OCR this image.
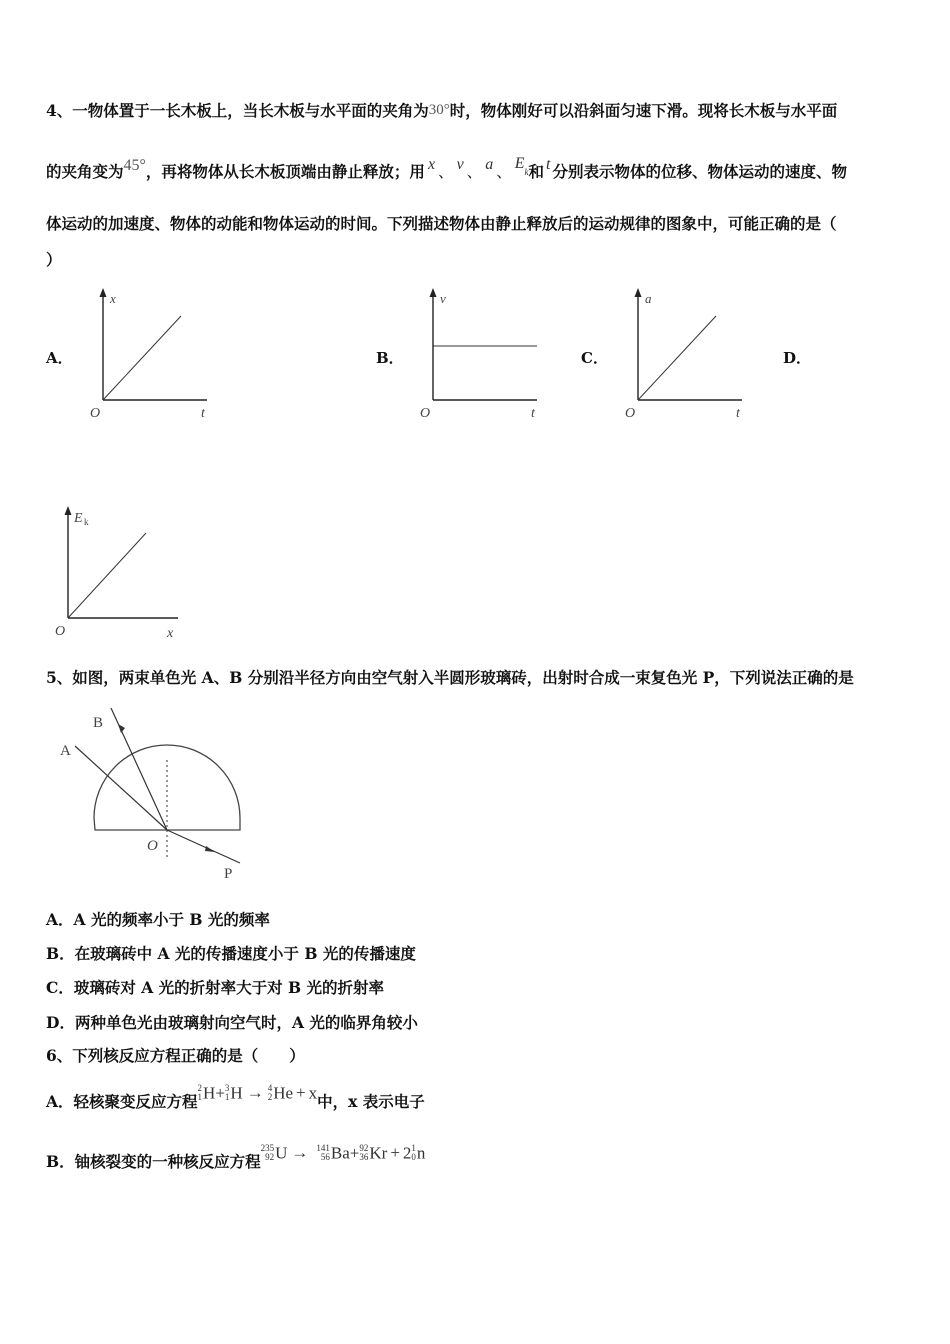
4、一物体置于一长木板上，当长木板与水平面的夹角为30°时，物体刚好可以沿斜面匀速下滑。现将长木板与水平面
的夹角变为45°，再将物体从长木板顶端由静止释放；用 x 、 v 、 a 、 Ek和 t 分别表示物体的位移、物体运动的速度、物
体运动的加速度、物体的动能和物体运动的时间。下列描述物体由静止释放后的运动规律的图象中，可能正确的是（
）
A．	B．	C．	D．
x
O	t
v
O	t
a
O	t
E k
O	x
5、如图，两束单色光 A、B 分别沿半径方向由空气射入半圆形玻璃砖，出射时合成一束复色光 P，下列说法正确的是
B
A
O
P
A．A 光的频率小于 B 光的频率
B．在玻璃砖中 A 光的传播速度小于 B 光的传播速度
C．玻璃砖对 A 光的折射率大于对 B 光的折射率
D．两种单色光由玻璃射向空气时，A 光的临界角较小
6、下列核反应方程正确的是（　　）
A．轻核聚变反应方程
2
1 H+ 3
1 H → 4
2 He + x中，x 表示电子
B．铀核裂变的一种核反应方程
235
92 U → 141
56 Ba+ 92
36 Kr + 2 1
0 n
